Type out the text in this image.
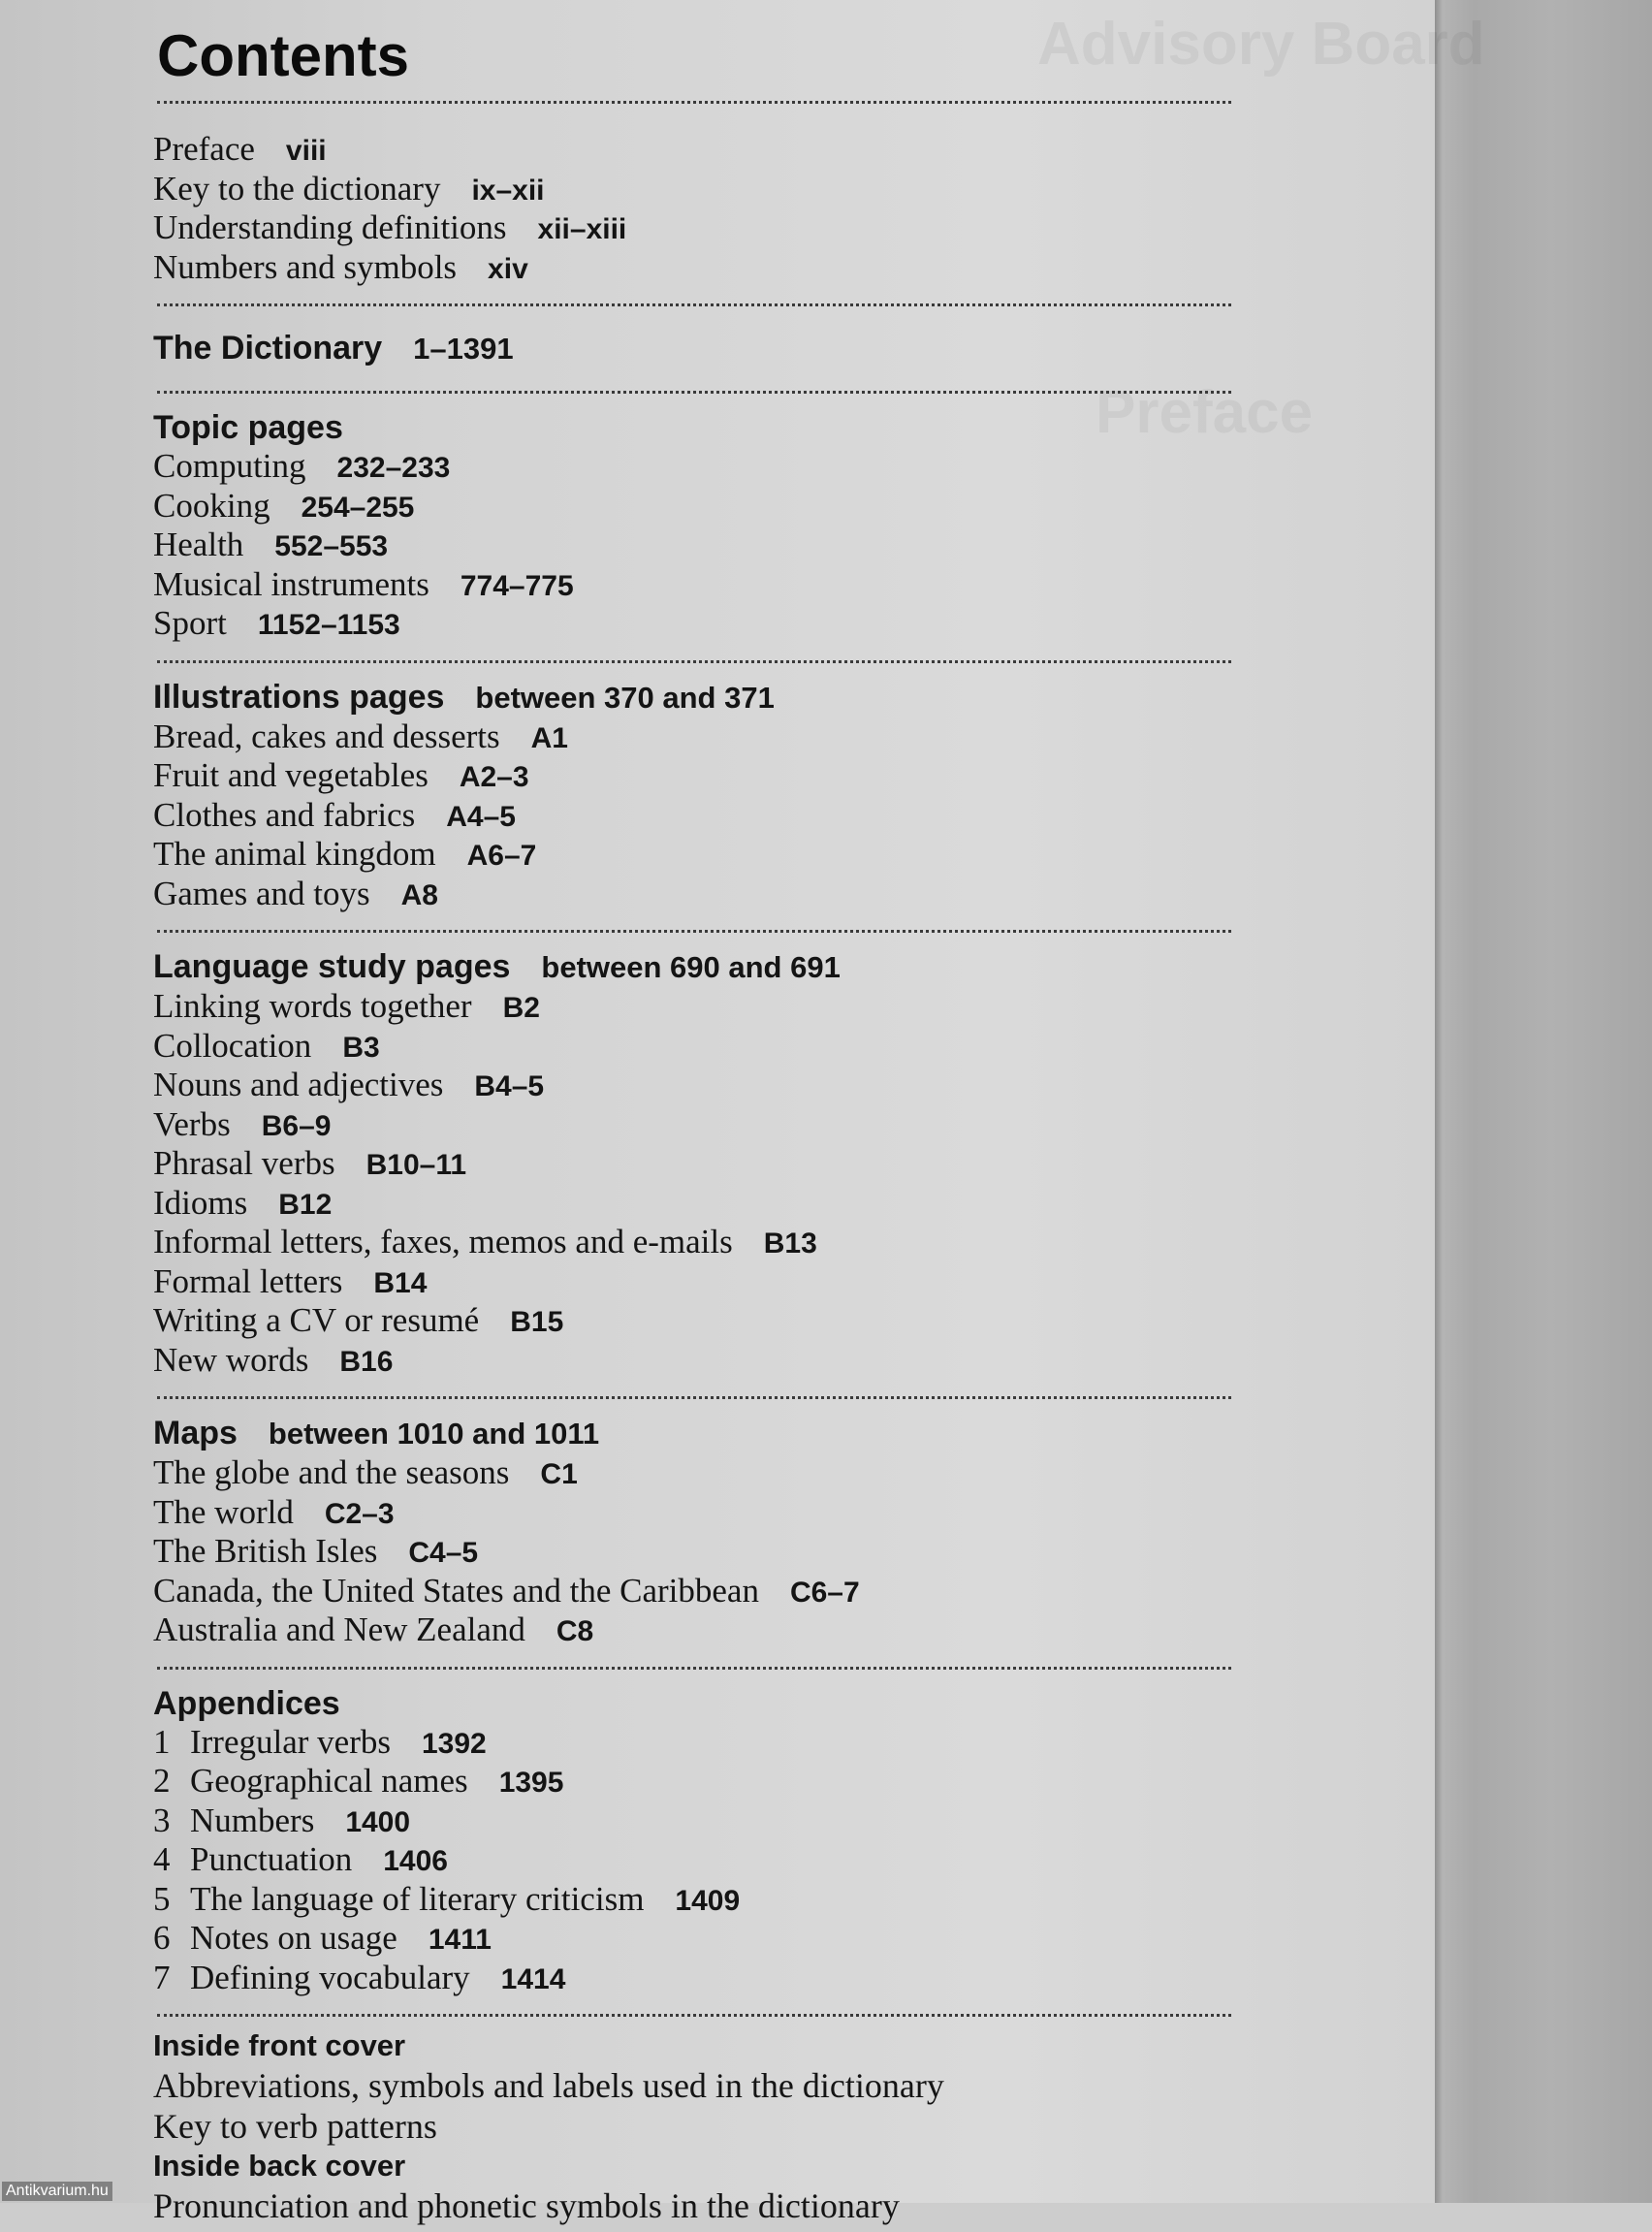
Advisory Board
Preface
Contents
Preface viii
Key to the dictionary ix–xii
Understanding definitions xii–xiii
Numbers and symbols xiv
The Dictionary 1–1391
Topic pages
Computing 232–233
Cooking 254–255
Health 552–553
Musical instruments 774–775
Sport 1152–1153
Illustrations pages between 370 and 371
Bread, cakes and desserts A1
Fruit and vegetables A2–3
Clothes and fabrics A4–5
The animal kingdom A6–7
Games and toys A8
Language study pages between 690 and 691
Linking words together B2
Collocation B3
Nouns and adjectives B4–5
Verbs B6–9
Phrasal verbs B10–11
Idioms B12
Informal letters, faxes, memos and e-mails B13
Formal letters B14
Writing a CV or resumé B15
New words B16
Maps between 1010 and 1011
The globe and the seasons C1
The world C2–3
The British Isles C4–5
Canada, the United States and the Caribbean C6–7
Australia and New Zealand C8
Appendices
1 Irregular verbs 1392
2 Geographical names 1395
3 Numbers 1400
4 Punctuation 1406
5 The language of literary criticism 1409
6 Notes on usage 1411
7 Defining vocabulary 1414
Inside front cover
Abbreviations, symbols and labels used in the dictionary
Key to verb patterns
Inside back cover
Pronunciation and phonetic symbols in the dictionary
Antikvarium.hu
